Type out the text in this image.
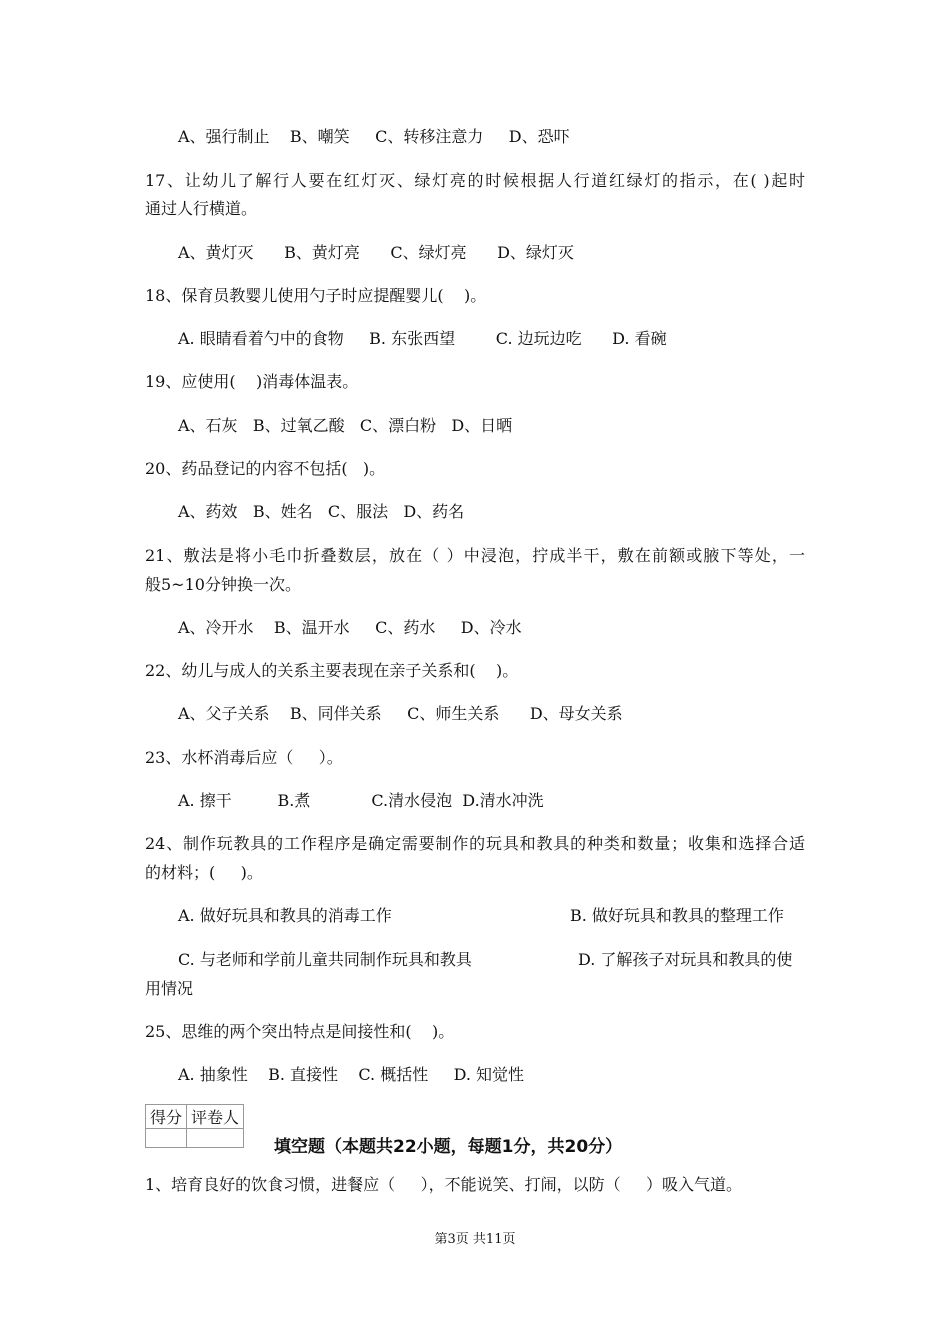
A、强行制止    B、嘲笑     C、转移注意力     D、恐吓
17、让幼儿了解行人要在红灯灭、绿灯亮的时候根据人行道红绿灯的指示，在( )起时
通过人行横道。
A、黄灯灭      B、黄灯亮      C、绿灯亮      D、绿灯灭
18、保育员教婴儿使用勺子时应提醒婴儿(    )。
A. 眼睛看着勺中的食物     B. 东张西望        C. 边玩边吃      D. 看碗
19、应使用(    )消毒体温表。
A、石灰   B、过氧乙酸   C、漂白粉   D、日晒
20、药品登记的内容不包括(   )。
A、药效   B、姓名   C、服法   D、药名
21、敷法是将小毛巾折叠数层，放在（ ）中浸泡，拧成半干，敷在前额或腋下等处，一
般5~10分钟换一次。
A、冷开水    B、温开水     C、药水     D、冷水
22、幼儿与成人的关系主要表现在亲子关系和(    )。
A、父子关系    B、同伴关系     C、师生关系      D、母女关系
23、水杯消毒后应（     ）。
A. 擦干         B.煮            C.清水侵泡  D.清水冲洗
24、制作玩教具的工作程序是确定需要制作的玩具和教具的种类和数量；收集和选择合适
的材料；(     )。
A. 做好玩具和教具的消毒工作	B. 做好玩具和教具的整理工作
C. 与老师和学前儿童共同制作玩具和教具	D. 了解孩子对玩具和教具的使
用情况
25、思维的两个突出特点是间接性和(    )。
A. 抽象性    B. 直接性    C. 概括性     D. 知觉性
得分	评卷人

填空题（本题共22小题，每题1分，共20分）
1、培育良好的饮食习惯，进餐应（     ），不能说笑、打闹，以防（     ）吸入气道。
第3页 共11页
